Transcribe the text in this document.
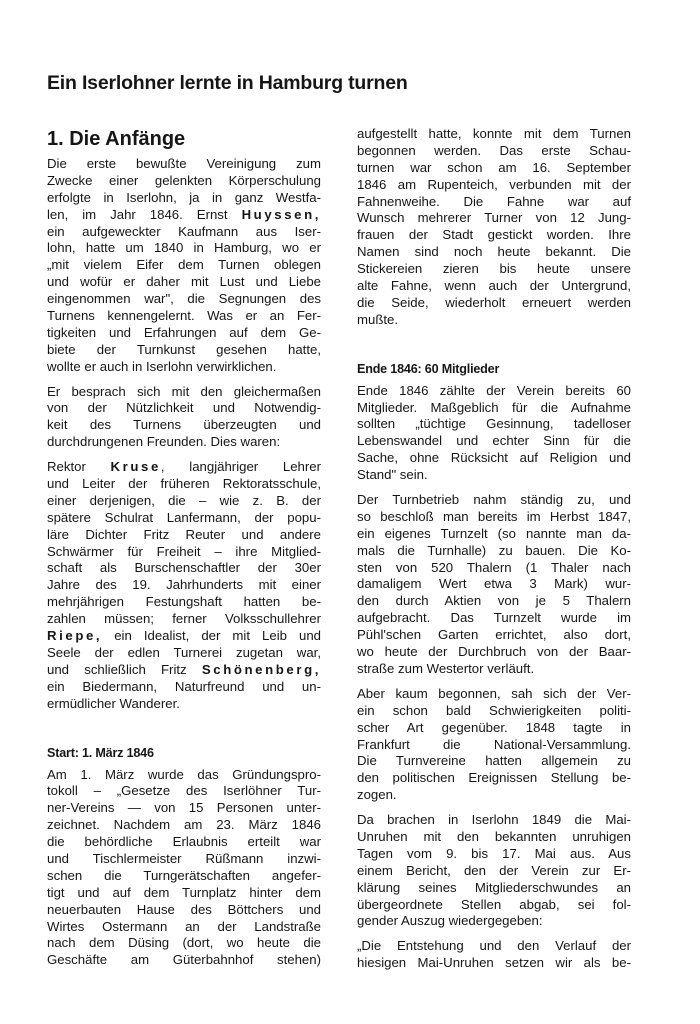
Ein Iserlohner lernte in Hamburg turnen
1. Die Anfänge
Die erste bewußte Vereinigung zum
Zwecke einer gelenkten Körperschulung
erfolgte in Iserlohn, ja in ganz Westfa-
len, im Jahr 1846. Ernst Huyssen,
ein aufgeweckter Kaufmann aus Iser-
lohn, hatte um 1840 in Hamburg, wo er
„mit vielem Eifer dem Turnen oblegen
und wofür er daher mit Lust und Liebe
eingenommen war", die Segnungen des
Turnens kennengelernt. Was er an Fer-
tigkeiten und Erfahrungen auf dem Ge-
biete der Turnkunst gesehen hatte,
wollte er auch in Iserlohn verwirklichen.
Er besprach sich mit den gleichermaßen
von der Nützlichkeit und Notwendig-
keit des Turnens überzeugten und
durchdrungenen Freunden. Dies waren:
Rektor Kruse, langjähriger Lehrer
und Leiter der früheren Rektoratsschule,
einer derjenigen, die – wie z. B. der
spätere Schulrat Lanfermann, der popu-
läre Dichter Fritz Reuter und andere
Schwärmer für Freiheit – ihre Mitglied-
schaft als Burschenschaftler der 30er
Jahre des 19. Jahrhunderts mit einer
mehrjährigen Festungshaft hatten be-
zahlen müssen; ferner Volksschullehrer
Riepe, ein Idealist, der mit Leib und
Seele der edlen Turnerei zugetan war,
und schließlich Fritz Schönenberg,
ein Biedermann, Naturfreund und un-
ermüdlicher Wanderer.
Start: 1. März 1846
Am 1. März wurde das Gründungspro-
tokoll – „Gesetze des Iserlöhner Tur-
ner-Vereins — von 15 Personen unter-
zeichnet. Nachdem am 23. März 1846
die behördliche Erlaubnis erteilt war
und Tischlermeister Rüßmann inzwi-
schen die Turngerätschaften angefer-
tigt und auf dem Turnplatz hinter dem
neuerbauten Hause des Böttchers und
Wirtes Ostermann an der Landstraße
nach dem Düsing (dort, wo heute die
Geschäfte am Güterbahnhof stehen)
aufgestellt hatte, konnte mit dem Turnen
begonnen werden. Das erste Schau-
turnen war schon am 16. September
1846 am Rupenteich, verbunden mit der
Fahnenweihe. Die Fahne war auf
Wunsch mehrerer Turner von 12 Jung-
frauen der Stadt gestickt worden. Ihre
Namen sind noch heute bekannt. Die
Stickereien zieren bis heute unsere
alte Fahne, wenn auch der Untergrund,
die Seide, wiederholt erneuert werden
mußte.
Ende 1846: 60 Mitglieder
Ende 1846 zählte der Verein bereits 60
Mitglieder. Maßgeblich für die Aufnahme
sollten „tüchtige Gesinnung, tadelloser
Lebenswandel und echter Sinn für die
Sache, ohne Rücksicht auf Religion und
Stand" sein.
Der Turnbetrieb nahm ständig zu, und
so beschloß man bereits im Herbst 1847,
ein eigenes Turnzelt (so nannte man da-
mals die Turnhalle) zu bauen. Die Ko-
sten von 520 Thalern (1 Thaler nach
damaligem Wert etwa 3 Mark) wur-
den durch Aktien von je 5 Thalern
aufgebracht. Das Turnzelt wurde im
Pühl'schen Garten errichtet, also dort,
wo heute der Durchbruch von der Baar-
straße zum Westertor verläuft.
Aber kaum begonnen, sah sich der Ver-
ein schon bald Schwierigkeiten politi-
scher Art gegenüber. 1848 tagte in
Frankfurt die National-Versammlung.
Die Turnvereine hatten allgemein zu
den politischen Ereignissen Stellung be-
zogen.
Da brachen in Iserlohn 1849 die Mai-
Unruhen mit den bekannten unruhigen
Tagen vom 9. bis 17. Mai aus. Aus
einem Bericht, den der Verein zur Er-
klärung seines Mitgliederschwundes an
übergeordnete Stellen abgab, sei fol-
gender Auszug wiedergegeben:
„Die Entstehung und den Verlauf der
hiesigen Mai-Unruhen setzen wir als be-
